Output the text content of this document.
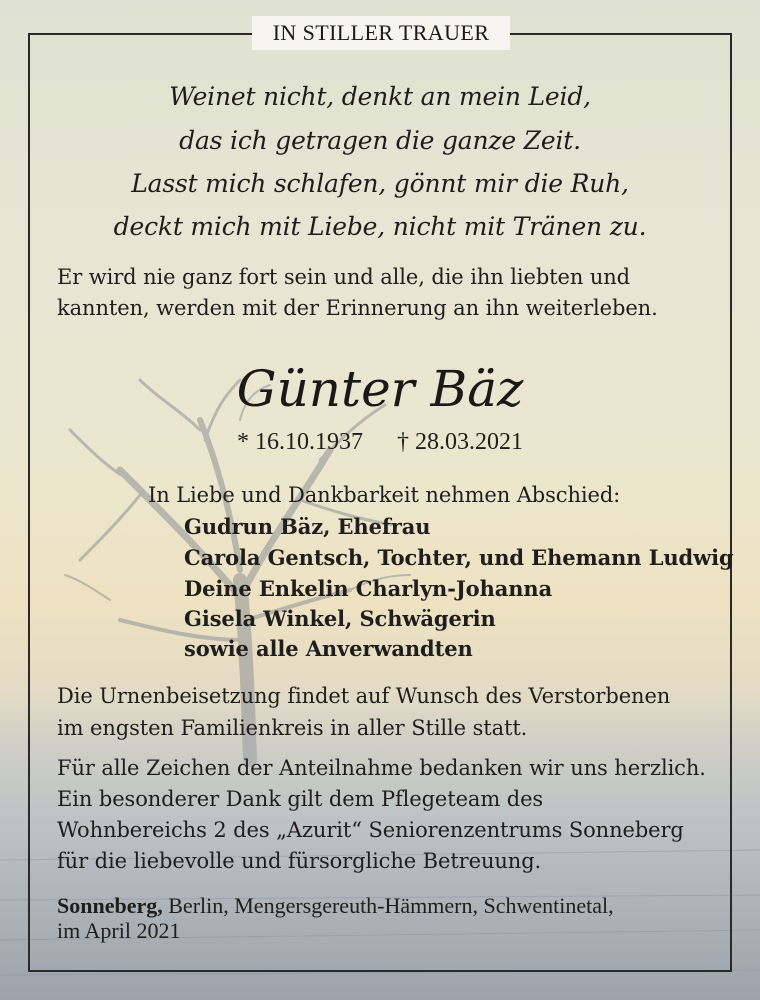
IN STILLER TRAUER
Weinet nicht, denkt an mein Leid,
das ich getragen die ganze Zeit.
Lasst mich schlafen, gönnt mir die Ruh,
deckt mich mit Liebe, nicht mit Tränen zu.
Er wird nie ganz fort sein und alle, die ihn liebten und
kannten, werden mit der Erinnerung an ihn weiterleben.
Günter Bäz
* 16.10.1937 † 28.03.2021
In Liebe und Dankbarkeit nehmen Abschied:
Gudrun Bäz, Ehefrau
Carola Gentsch, Tochter, und Ehemann Ludwig
Deine Enkelin Charlyn-Johanna
Gisela Winkel, Schwägerin
sowie alle Anverwandten
Die Urnenbeisetzung findet auf Wunsch des Verstorbenen
im engsten Familienkreis in aller Stille statt.
Für alle Zeichen der Anteilnahme bedanken wir uns herzlich.
Ein besonderer Dank gilt dem Pflegeteam des
Wohnbereichs 2 des „Azurit“ Seniorenzentrums Sonneberg
für die liebevolle und fürsorgliche Betreuung.
Sonneberg, Berlin, Mengersgereuth-Hämmern, Schwentinetal,
im April 2021
